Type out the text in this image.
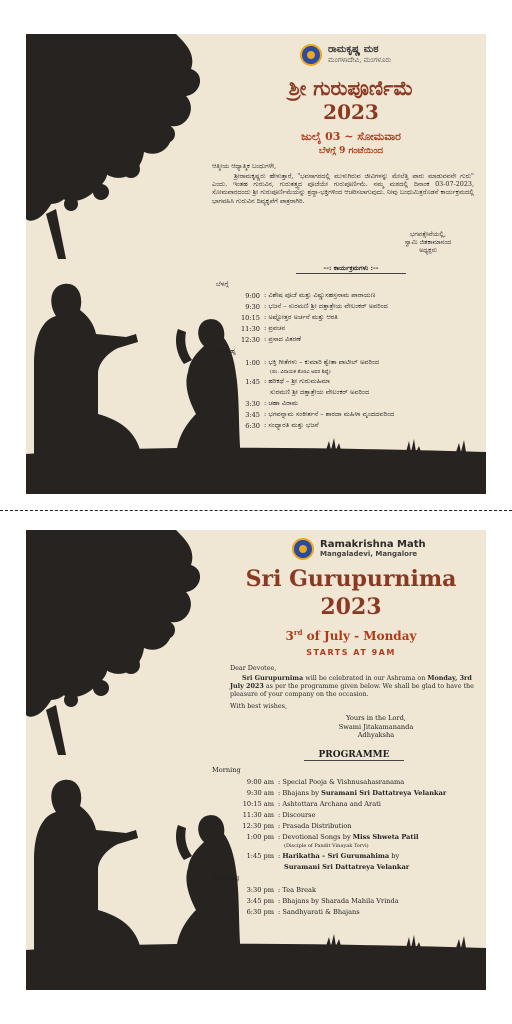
ರಾಮಕೃಷ್ಣ ಮಠ
ಮಂಗಳಾದೇವಿ, ಮಂಗಳೂರು
ಶ್ರೀ ಗುರುಪೂರ್ಣಿಮೆ
2023
ಜುಲೈ 03 ~ ಸೋಮವಾರ
ಬೆಳಗ್ಗೆ 9 ಗಂಟೆಯಿಂದ
ಆತ್ಮೀಯ ಆಧ್ಯಾತ್ಮಿಕ ಬಂಧುಗಳೇ,
ಶ್ರೀರಾಮಕೃಷ್ಣರು ಹೇಳುತ್ತಾರೆ, "ಭವಸಾಗರದಲ್ಲಿ ಮುಳುಗಿರುವ ಜೀವಿಗಳನ್ನು ಮೇಲೆತ್ತಿ ಪಾರು ಮಾಡುವವನೇ ಗುರು" ಎಂದು. ಇಂತಹ ಗುರುವಿನ, ಗುರುತತ್ತ್ವದ ಪೂಜೆಯೇ ಗುರುಪೂರ್ಣಿಮೆ. ನಮ್ಮ ಮಠದಲ್ಲಿ ದಿನಾಂಕ 03-07-2023, ಸೋಮವಾರದಂದು ಶ್ರೀ ಗುರುಪೂರ್ಣಿಮೆಯನ್ನು ಶ್ರದ್ಧಾ-ಭಕ್ತಿಗಳಿಂದ ಆಚರಿಸಲಾಗುವುದು. ನೀವು ಬಂಧುಮಿತ್ರರೊಡನೆ ಕಾರ್ಯಕ್ರಮದಲ್ಲಿ ಭಾಗವಹಿಸಿ ಗುರುವಿನ ದಿವ್ಯಕೃಪೆಗೆ ಪಾತ್ರರಾಗಿರಿ.
ಭಗವತ್ಸೇವೆಯಲ್ಲಿ,
ಸ್ವಾಮಿ ಜಿತಕಾಮಾನಂದ
ಅಧ್ಯಕ್ಷರು
--: ಕಾರ್ಯಕ್ರಮಗಳು :--
ಬೆಳಗ್ಗೆ
9:00 : ವಿಶೇಷ ಪೂಜೆ ಮತ್ತು ವಿಷ್ಣುಸಹಸ್ರನಾಮ ಪಾರಾಯಣ
9:30 : ಭಜನೆ – ಸುರಮಣಿ ಶ್ರೀ ದತ್ತಾತ್ರೇಯ ವೇಲಂಕರ್ ಅವರಿಂದ
10:15 : ಅಷ್ಟೋತ್ತರ ಅರ್ಚನೆ ಮತ್ತು ಆರತಿ
11:30 : ಪ್ರವಚನ
12:30 : ಪ್ರಸಾದ ವಿತರಣೆ
ಅಪರಾಹ್ನ
1:00 : ಭಕ್ತಿ ಗೀತೆಗಳು – ಕುಮಾರಿ ಶ್ವೇತಾ ಪಾಟೀಲ್ ಅವರಿಂದ
(ಪಂ. ವಿನಾಯಕ ತೊರವಿ ಅವರ ಶಿಷ್ಯೆ)
1:45 : ಹರಿಕಥೆ – ಶ್ರೀ ಗುರುಮಹಿಮಾ
ಸುರಮಣಿ ಶ್ರೀ ದತ್ತಾತ್ರೇಯ ವೇಲಂಕರ್ ಅವರಿಂದ
3:30 : ಚಹಾ ವಿರಾಮ
3:45 : ಭಗವನ್ನಾಮ ಸಂಕೀರ್ತನೆ – ಶಾರದಾ ಮಹಿಳಾ ವೃಂದದವರಿಂದ
6:30 : ಸಂಧ್ಯಾರತಿ ಮತ್ತು ಭಜನೆ
Ramakrishna Math
Mangaladevi, Mangalore
Sri Gurupurnima
2023
3rd of July - Monday
STARTS AT 9AM
Dear Devotee,
Sri Gurupurnima will be celebrated in our Ashrama on Monday, 3rd July 2023 as per the programme given below. We shall be glad to have the pleasure of your company on the occasion.
With best wishes,
Yours in the Lord,
Swami Jitakamananda
Adhyaksha
PROGRAMME
Morning
9:00 am : Special Pooja & Vishnusahasranama
9:30 am : Bhajans by Suramani Sri Dattatreya Velankar
10:15 am : Ashtottara Archana and Arati
11:30 am : Discourse
12:30 pm : Prasada Distribution
1:00 pm : Devotional Songs by Miss Shweta Patil
(Disciple of Pandit Vinayak Torvi)
1:45 pm : Harikatha – Sri Gurumahima by
Suramani Sri Dattatreya Velankar
Evening
3:30 pm : Tea Break
3:45 pm : Bhajans by Sharada Mahila Vrinda
6:30 pm : Sandhyarati & Bhajans
